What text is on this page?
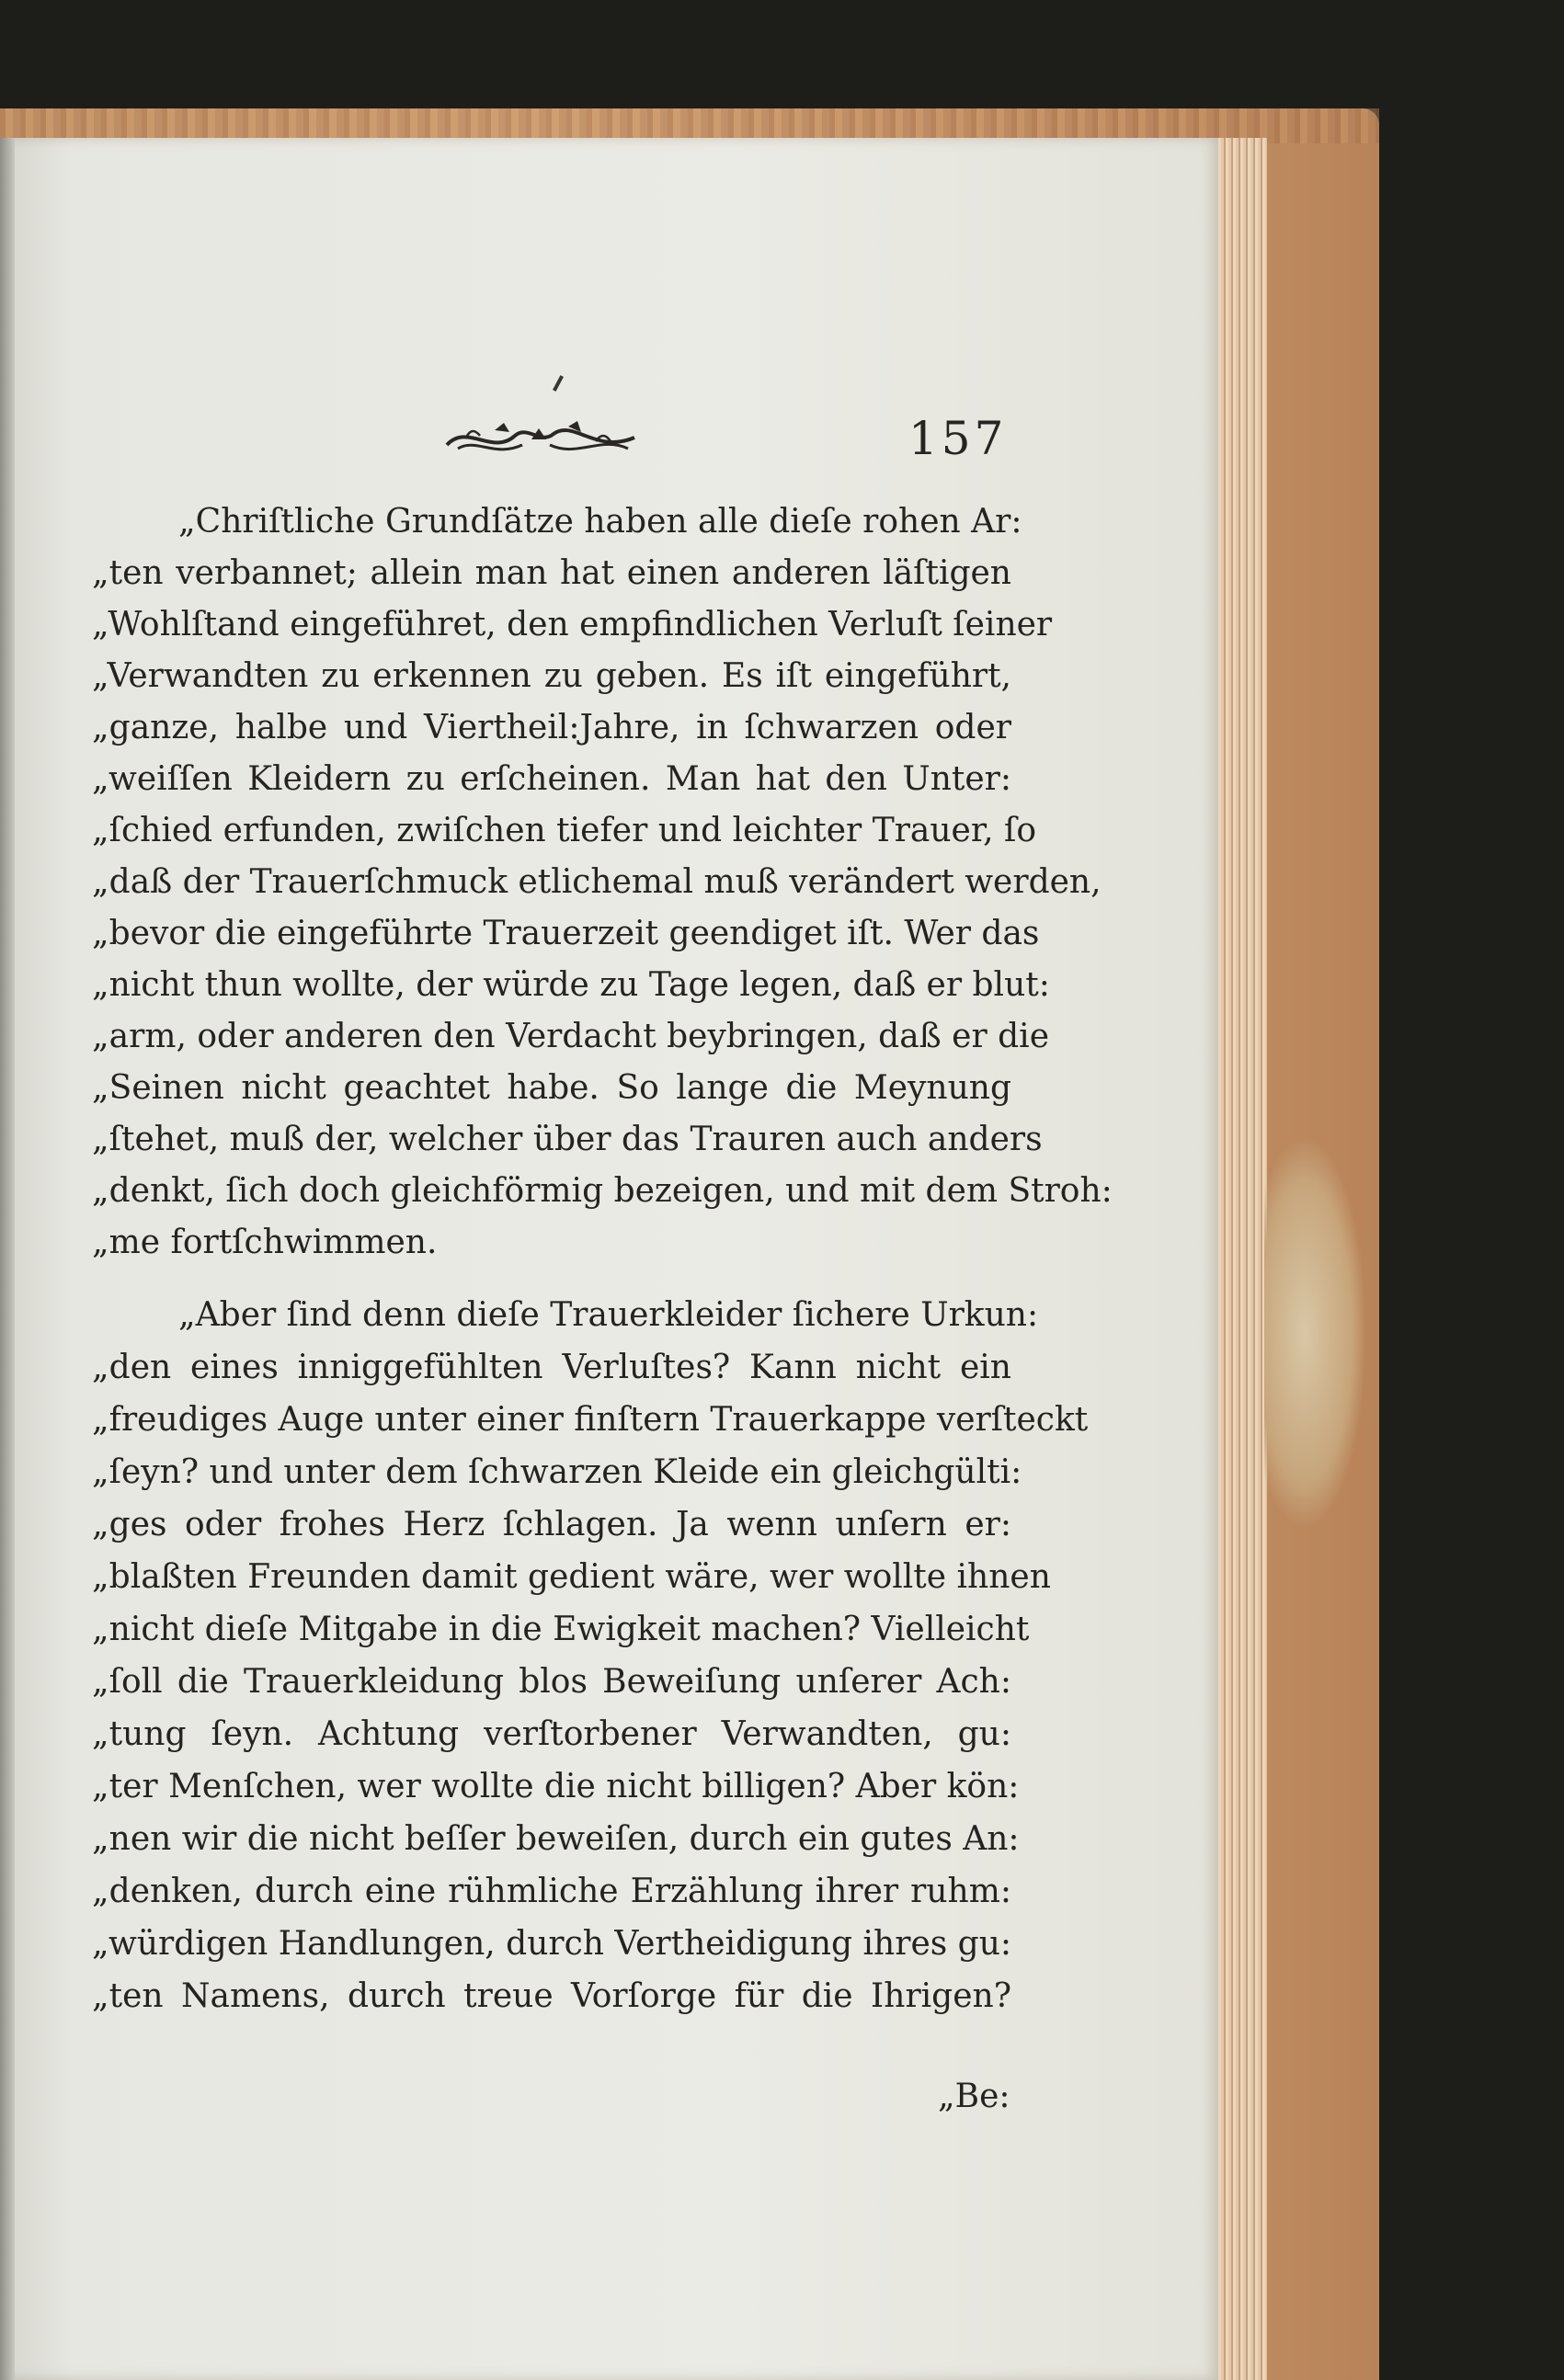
157
„Chriſtliche Grundſätze haben alle dieſe rohen Ar:
„ten verbannet; allein man hat einen anderen läſtigen
„Wohlſtand eingeführet, den empfindlichen Verluſt ſeiner
„Verwandten zu erkennen zu geben. Es iſt eingeführt,
„ganze, halbe und Viertheil:Jahre, in ſchwarzen oder
„weiſſen Kleidern zu erſcheinen. Man hat den Unter:
„ſchied erfunden, zwiſchen tiefer und leichter Trauer, ſo
„daß der Trauerſchmuck etlichemal muß verändert werden,
„bevor die eingeführte Trauerzeit geendiget iſt. Wer das
„nicht thun wollte, der würde zu Tage legen, daß er blut:
„arm, oder anderen den Verdacht beybringen, daß er die
„Seinen nicht geachtet habe. So lange die Meynung
„ſtehet, muß der, welcher über das Trauren auch anders
„denkt, ſich doch gleichförmig bezeigen, und mit dem Stroh:
„me fortſchwimmen.
„Aber ſind denn dieſe Trauerkleider ſichere Urkun:
„den eines inniggefühlten Verluſtes? Kann nicht ein
„freudiges Auge unter einer finſtern Trauerkappe verſteckt
„ſeyn? und unter dem ſchwarzen Kleide ein gleichgülti:
„ges oder frohes Herz ſchlagen. Ja wenn unſern er:
„blaßten Freunden damit gedient wäre, wer wollte ihnen
„nicht dieſe Mitgabe in die Ewigkeit machen? Vielleicht
„ſoll die Trauerkleidung blos Beweiſung unſerer Ach:
„tung ſeyn. Achtung verſtorbener Verwandten, gu:
„ter Menſchen, wer wollte die nicht billigen? Aber kön:
„nen wir die nicht beſſer beweiſen, durch ein gutes An:
„denken, durch eine rühmliche Erzählung ihrer ruhm:
„würdigen Handlungen, durch Vertheidigung ihres gu:
„ten Namens, durch treue Vorſorge für die Ihrigen?
„Be:
